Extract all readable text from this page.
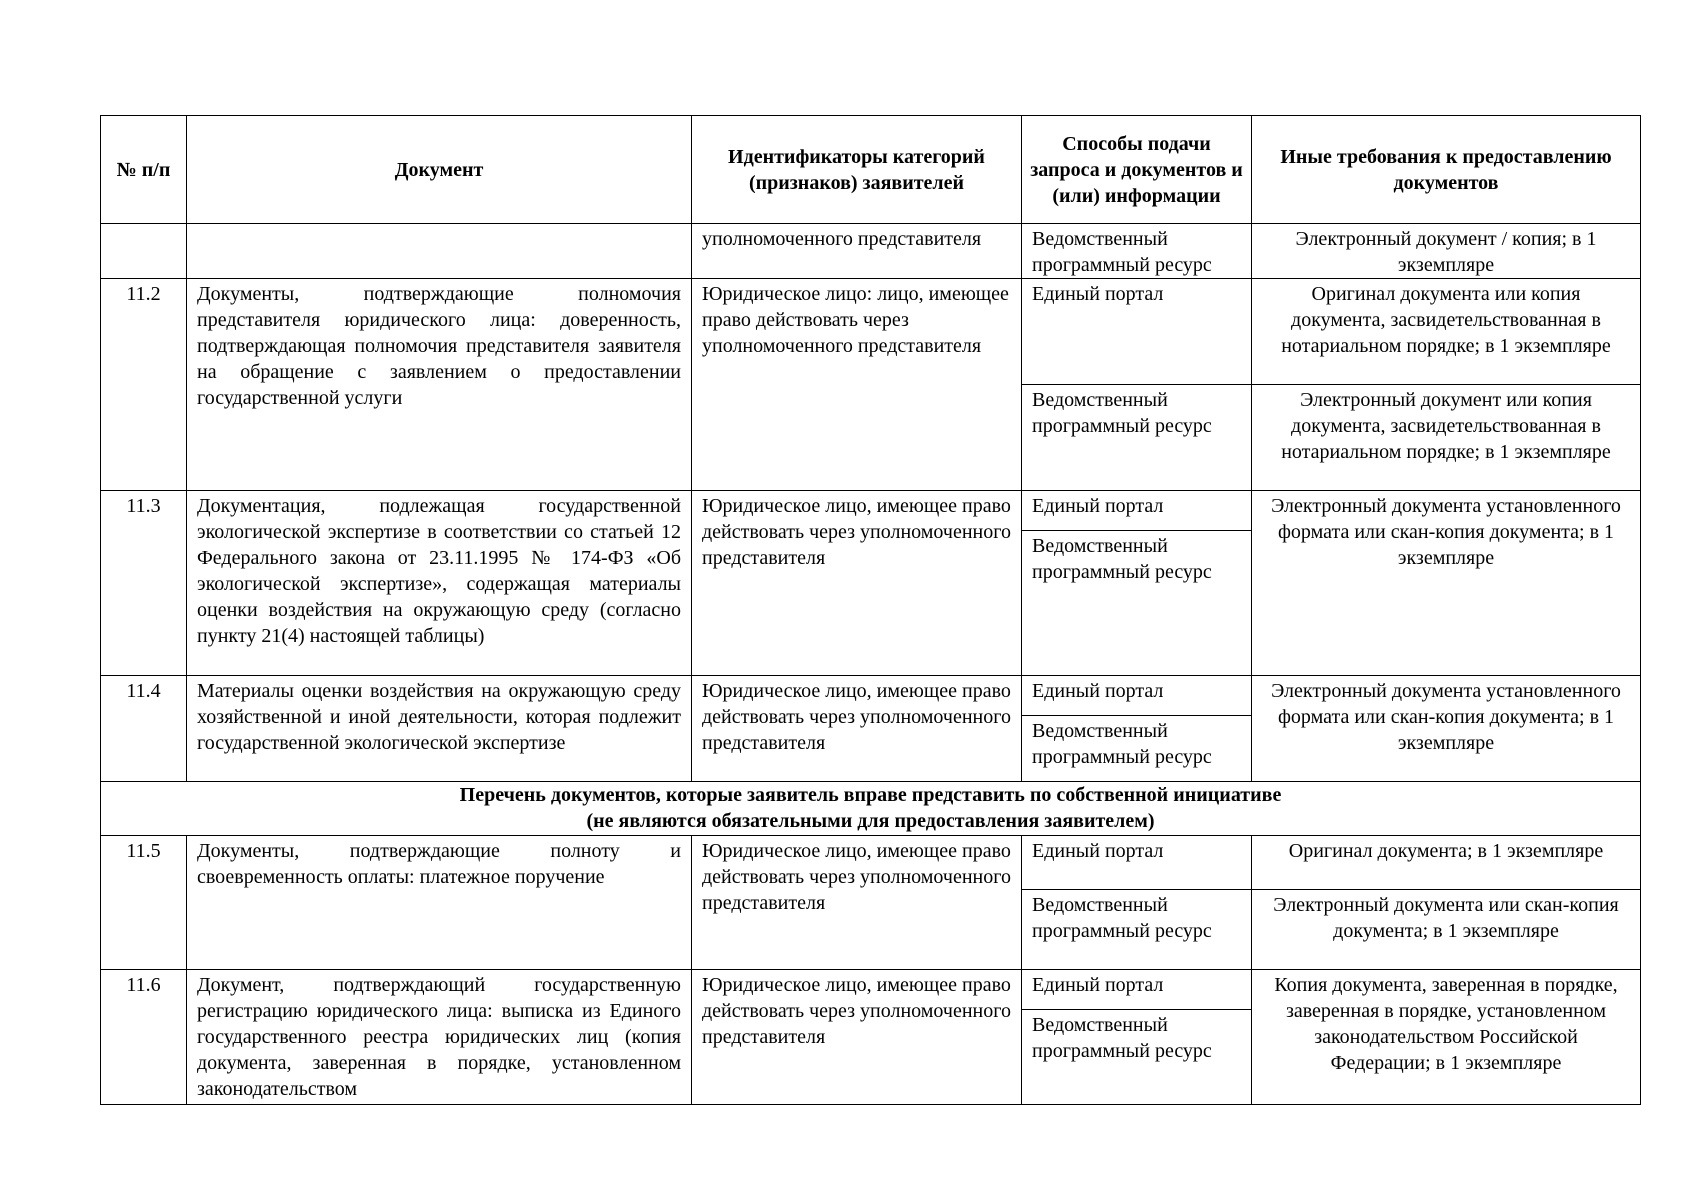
№ п/п	Документ	Идентификаторы категорий (признаков) заявителей	Способы подачи запроса и документов и (или) информации	Иные требования к предоставлению документов
		уполномоченного представителя	Ведомственный программный ресурс	Электронный документ / копия; в 1 экземпляре
11.2	Документы, подтверждающие полномочия представителя юридического лица: доверенность, подтверждающая полномочия представителя заявителя на обращение с заявлением о предоставлении государственной услуги	Юридическое лицо: лицо, имеющее право действовать через уполномоченного представителя	Единый портал	Оригинал документа или копия документа, засвидетельствованная в нотариальном порядке; в 1 экземпляре
			Ведомственный программный ресурс	Электронный документ или копия документа, засвидетельствованная в нотариальном порядке; в 1 экземпляре
11.3	Документация, подлежащая государственной экологической экспертизе в соответствии со статьей 12 Федерального закона от 23.11.1995 № 174-ФЗ «Об экологической экспертизе», содержащая материалы оценки воздействия на окружающую среду (согласно пункту 21(4) настоящей таблицы)	Юридическое лицо, имеющее право действовать через уполномоченного представителя	Единый портал	Электронный документа установленного формата или скан-копия документа; в 1 экземпляре
			Ведомственный программный ресурс	
11.4	Материалы оценки воздействия на окружающую среду хозяйственной и иной деятельности, которая подлежит государственной экологической экспертизе	Юридическое лицо, имеющее право действовать через уполномоченного представителя	Единый портал	Электронный документа установленного формата или скан-копия документа; в 1 экземпляре
			Ведомственный программный ресурс	

Перечень документов, которые заявитель вправе представить по собственной инициативе
(не являются обязательными для предоставления заявителем)				

11.5	Документы, подтверждающие полноту и своевременность оплаты: платежное поручение	Юридическое лицо, имеющее право действовать через уполномоченного представителя	Единый портал	Оригинал документа; в 1 экземпляре
			Ведомственный программный ресурс	Электронный документа или скан-копия документа; в 1 экземпляре
11.6	Документ, подтверждающий государственную регистрацию юридического лица: выписка из Единого государственного реестра юридических лиц (копия документа, заверенная в порядке, установленном законодательством	Юридическое лицо, имеющее право действовать через уполномоченного представителя	Единый портал	Копия документа, заверенная в порядке, заверенная в порядке, установленном законодательством Российской Федерации; в 1 экземпляре
			Ведомственный программный ресурс	
